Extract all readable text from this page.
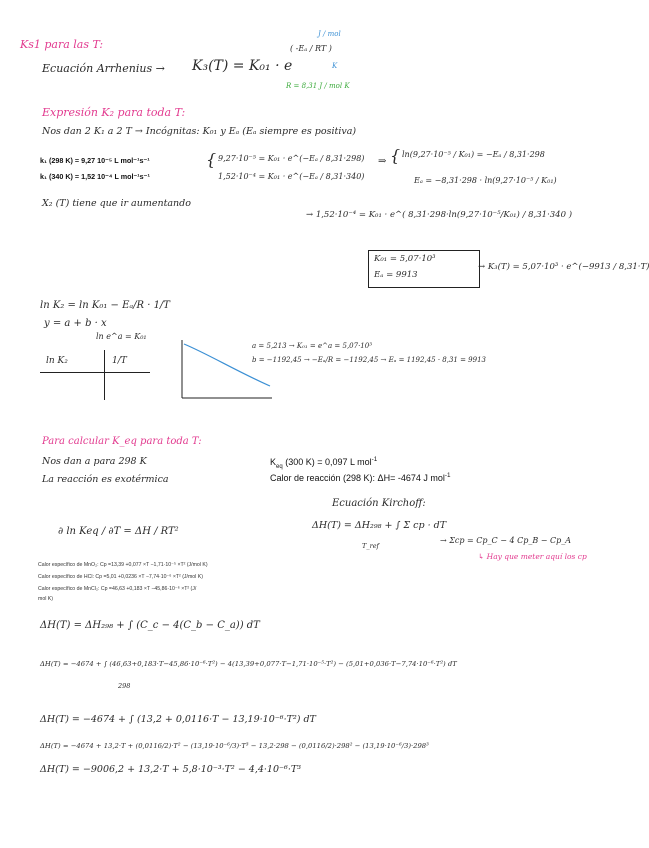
Ks1 para las T:
Ecuación Arrhenius → K₃(T) = K₀₁ · e
( -Eₐ / RT )
J / mol
K
R = 8,31 J / mol K
Expresión K₂ para toda T:
Nos dan 2 K₁ a 2 T → Incógnitas: K₀₁ y Eₐ (Eₐ siempre es positiva)
k₁ (298 K) = 9,27 10⁻⁵ L mol⁻¹s⁻¹
k₁ (340 K) = 1,52 10⁻⁴ L mol⁻¹s⁻¹
{ 9,27·10⁻⁵ = K₀₁ · e^(−Eₐ / 8,31·298)
1,52·10⁻⁴ = K₀₁ · e^(−Eₐ / 8,31·340)
⇒ { ln(9,27·10⁻⁵ / K₀₁) = −Eₐ / 8,31·298
Eₐ = −8,31·298 · ln(9,27·10⁻⁵ / K₀₁)
X₂ (T) tiene que ir aumentando
→ 1,52·10⁻⁴ = K₀₁ · e^( 8,31·298·ln(9,27·10⁻⁵/K₀₁) / 8,31·340 )
K₀₁ = 5,07·10³
Eₐ = 9913
→ K₃(T) = 5,07·10³ · e^(−9913 / 8,31·T)
ln K₂ = ln K₀₁ − Eₐ/R · 1/T
y = a + b · x
ln e^a = K₀₁
ln K₂	1/T
a = 5,213 → K₀₁ = e^a = 5,07·10³
b = −1192,45 → −Eₐ/R = −1192,45 → Eₐ = 1192,45 · 8,31 = 9913
Para calcular K_eq para toda T:
Nos dan a para 298 K
La reacción es exotérmica
$K_{eq}$ (300 K) = 0,097 L mol$^{-1}$
Calor de reacción (298 K): ΔH= -4674 J mol$^{-1}$
Ecuación Kirchoff:
ΔH(T) = ΔH₂₉₈ + ∫ Σ cp · dT
T_ref
→ Σcp = Cp_C − 4 Cp_B − Cp_A
↳ Hay que meter aquí los cp
∂ ln Keq / ∂T = ΔH / RT²
Calor específico de MnO₂: Cp =13,39 +0,077 ×T −1,71·10⁻⁵ ×T² (J/mol K)
Calor específico de HCl: Cp =5,01 +0,0236 ×T −7,74·10⁻⁶ ×T² (J/mol K)
Calor específico de MnCl₂: Cp =46,63 +0,183 ×T −45,86·10⁻⁶ ×T² (J/
mol K)
ΔH(T) = ΔH₂₉₈ + ∫ (C_c − 4(C_b − C_a)) dT
ΔH(T) = −4674 + ∫ (46,63+0,183·T−45,86·10⁻⁶·T²) − 4(13,39+0,077·T−1,71·10⁻⁵·T²) − (5,01+0,036·T−7,74·10⁻⁶·T²) dT
298
ΔH(T) = −4674 + ∫ (13,2 + 0,0116·T − 13,19·10⁻⁶·T²) dT
ΔH(T) = −4674 + 13,2·T + (0,0116/2)·T² − (13,19·10⁻⁶/3)·T³ − 13,2·298 − (0,0116/2)·298² − (13,19·10⁻⁶/3)·298³
ΔH(T) = −9006,2 + 13,2·T + 5,8·10⁻³·T² − 4,4·10⁻⁶·T³
